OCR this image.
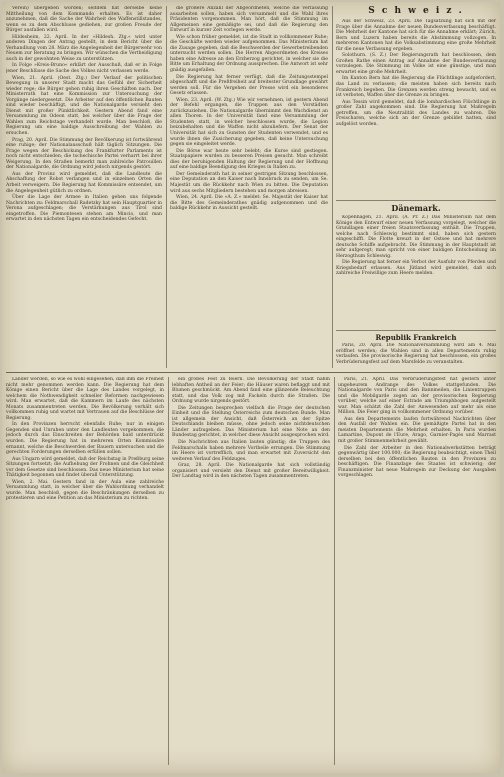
Verein) übergeben worden; seitdem hat derselbe keine Mittheilung von dem Kommando erhalten. Es ist daher anzunehmen, daß die Sache der Wahrheit des Waffenstillstandes, wenn es zu dem Abschlusse gediehen, zur großen Freude der Bürger ausfallen wird.

Hildesheim, 22. April. In der »Hildesh. Ztg.« wird unter anderen Dingen der Antrag gestellt, in dem Bericht über die Verhandlung vom 28. März die Angelegenheit der Bürgerwehr von Neuem zur Beratung zu bringen. Wir wünschen die Vertheidigung auch in der gewohnten Weise zu unterstützen.

In Folge »Kreis-Bruno« erklärt der Ausschuß, daß er in Folge jener Beschlüsse die Sache des Volkes nicht verlassen werde.

Wien, 21. April. (Oest. Ztg.) Der Verlauf der politischen Bewegung in unserer Stadt macht das Gefühl der Sicherheit wieder rege; die Bürger gehen ruhig ihren Geschäften nach. Der Ministerrath hat eine Kommission zur Untersuchung der Vorgänge niedergesetzt. Die Arbeiter auf den öffentlichen Bauten sind wieder beschäftigt, und die Nationalgarde versieht den Dienst mit großer Pünktlichkeit. Gestern Abend fand eine Versammlung im Odeon statt, bei welcher über die Frage der Wahlen zum Reichstage verhandelt wurde. Man beschloß, die Regierung um eine baldige Ausschreibung der Wahlen zu ersuchen.

Prag, 20. April. Die Stimmung der Bevölkerung ist fortwährend eine ruhige; der Nationalausschuß hält täglich Sitzungen. Die Frage wegen der Beschickung des Frankfurter Parlaments ist noch nicht entschieden; die tschechische Partei verharrt bei ihrer Weigerung. In den Straßen bemerkt man zahlreiche Patrouillen der Nationalgarde, die Ordnung wird jedoch nirgends gestört.

Aus der Provinz wird gemeldet, daß die Landleute die Abschaffung der Robot verlangen und in einzelnen Orten die Arbeit verweigern. Die Regierung hat Kommissäre entsendet, um die Angelegenheit gütlich zu ordnen.

Über die Lage der Armee in Italien gehen uns folgende Nachrichten zu: Feldmarschall Radetzky hat sein Hauptquartier in Verona aufgeschlagen; die Verstärkungen aus Tirol sind eingetroffen. Die Piemontesen stehen am Mincio, und man erwartet in den nächsten Tagen ein entscheidendes Gefecht.

die größere Anzahl der Abgeordneten, welche die Verfassung ausarbeiten sollen, haben sich versammelt und die Wahl ihres Präsidenten vorgenommen. Man hört, daß die Stimmung im Allgemeinen eine gemäßigte sei, und daß die Regierung den Entwurf in kurzer Zeit vorlegen werde.

Wie schon früher gemeldet, ist die Stadt in vollkommener Ruhe; die Geschäfte werden wieder aufgenommen. Das Ministerium hat die Zusage gegeben, daß die Beschwerden der Gewerbetreibenden untersucht werden sollen. Die Herren Abgeordneten des Kreises haben eine Adresse an den Erzherzog gerichtet, in welcher sie die Bitte um Erhaltung der Ordnung aussprechen. Die Antwort ist sehr gnädig ausgefallen.

Die Regierung hat ferner verfügt, daß die Zeitungsstempel abgeschafft und die Preßfreiheit auf breitester Grundlage gewährt werden soll. Für die Vergehen der Presse wird ein besonderes Gesetz erlassen.

Wien, 23. April. (W. Ztg.) Wie wir vernehmen, ist gestern Abend der Befehl ergangen, die Truppen aus den Vorstädten zurückzuziehen. Die Nationalgarde übernimmt den Wachdienst an allen Thoren. In der Universität fand eine Versammlung der Studenten statt, in welcher beschlossen wurde, die Legion beizubehalten und die Waffen nicht abzuliefern. Der Senat der Universität hat sich zu Gunsten der Studenten verwendet, und es wurde ihnen die Zusicherung gegeben, daß keine Untersuchung gegen sie eingeleitet werde.

Die Börse war heute sehr belebt; die Kurse sind gestiegen. Staatspapiere wurden zu besseren Preisen gesucht. Man schreibt dies der beruhigenden Haltung der Regierung und der Hoffnung auf eine baldige Beendigung des Krieges in Italien zu.

Der Gemeinderath hat in seiner gestrigen Sitzung beschlossen, eine Deputation an den Kaiser nach Innsbruck zu senden, um Se. Majestät um die Rückkehr nach Wien zu bitten. Die Deputation wird aus sechs Mitgliedern bestehen und morgen abreisen.

Wien, 24. April. Die »A. Z.« meldet: Se. Majestät der Kaiser hat die Bitte des Gemeinderathes gnädig aufgenommen und die baldige Rückkehr in Aussicht gestellt.

S c h w e i z .

Aus der Schweiz, 23. April. Die Tagsatzung hat sich mit der Frage über die Annahme der neuen Bundesverfassung beschäftigt. Die Mehrheit der Kantone hat sich für die Annahme erklärt; Zürich, Bern und Luzern haben bereits die Abstimmung vollzogen. In mehreren Kantonen hat die Volksabstimmung eine große Mehrheit für die neue Verfassung ergeben.

Solothurn. (S. Z.) Der Regierungsrath hat beschlossen, dem Großen Rathe einen Antrag auf Annahme der Bundesverfassung vorzulegen. Die Stimmung im Volke ist eine günstige, und man erwartet eine große Mehrheit.

Im Kanton Bern hat die Regierung die Flüchtlinge aufgefordert, das Land zu verlassen; die meisten haben sich bereits nach Frankreich begeben. Die Grenzen werden streng bewacht, und es ist verboten, Waffen über die Grenze zu bringen.

Aus Tessin wird gemeldet, daß die lombardischen Flüchtlinge in großer Zahl angekommen sind. Die Regierung hat Maßregeln getroffen, um die Neutralität des Landes zu wahren. Die Freischaren, welche sich an der Grenze gebildet hatten, sind aufgelöst worden.

Dänemark.

Kopenhagen, 21. April. (A. Pr. Z.) Das Ministerium hat dem Könige den Entwurf einer neuen Verfassung vorgelegt, welcher die Grundlagen einer freien Staatsverfassung enthält. Die Truppen, welche nach Schleswig bestimmt sind, haben sich gestern eingeschifft. Die Flotte kreuzt in der Ostsee und hat mehrere deutsche Schiffe aufgebracht. Die Stimmung in der Hauptstadt ist sehr aufgeregt; man spricht von einer baldigen Entscheidung im Herzogthum Schleswig.

Die Regierung hat ferner ein Verbot der Ausfuhr von Pferden und Kriegsbedarf erlassen. Aus Jütland wird gemeldet, daß sich zahlreiche Freiwillige zum Heere melden.

Republik Frankreich

Paris, 20. April. Die Nationalversammlung wird am 4. Mai eröffnet werden; die Wahlen sind in allen Departements ruhig verlaufen. Die provisorische Regierung hat beschlossen, ein großes Verbrüderungsfest auf dem Marsfelde zu veranstalten.

Länder werden, so wie es wohl eingesehen, daß ihm die Freiheit nicht mehr genommen werden kann. Die Regierung hat dem Könige einen Bericht über die Lage des Landes vorgelegt, in welchem die Nothwendigkeit schneller Reformen nachgewiesen wird. Man erwartet, daß die Kammern im Laufe des nächsten Monats zusammentreten werden. Die Bevölkerung verhält sich vollkommen ruhig und wartet mit Vertrauen auf die Beschlüsse der Regierung.

In den Provinzen herrscht ebenfalls Ruhe; nur in einigen Gegenden sind Unruhen unter den Landleuten vorgekommen, die jedoch durch das Einschreiten der Behörden bald unterdrückt wurden. Die Regierung hat in mehreren Orten Kommissäre ernannt, welche die Beschwerden der Bauern untersuchen und die gerechten Forderungen derselben erfüllen sollen.

Aus Ungarn wird gemeldet, daß der Reichstag in Preßburg seine Sitzungen fortsetzt; die Aufhebung der Frohnen und die Gleichheit vor dem Gesetze sind beschlossen. Das neue Ministerium hat seine Thätigkeit begonnen und findet überall Unterstützung.

Wien, 2. Mai. Gestern fand in der Aula eine zahlreiche Versammlung statt, in welcher über die Wahlordnung verhandelt wurde. Man beschloß, gegen die Beschränkungen derselben zu protestieren und eine Petition an das Ministerium zu richten.

ein großes Fest zu feiern. Die Bevölkerung der Stadt nahm lebhaften Antheil an der Feier; die Häuser waren beflaggt und mit Blumen geschmückt. Am Abend fand eine glänzende Beleuchtung statt, und das Volk zog mit Fackeln durch die Straßen. Die Ordnung wurde nirgends gestört.

Die Zeitungen besprechen vielfach die Frage der deutschen Einheit und die Stellung Österreichs zum deutschen Bunde. Man ist allgemein der Ansicht, daß Österreich an der Spitze Deutschlands bleiben müsse, ohne jedoch seine nichtdeutschen Länder aufzugeben. Das Ministerium hat eine Note an den Bundestag gerichtet, in welcher diese Ansicht ausgesprochen wird.

Die Nachrichten aus Italien lauten günstig; die Truppen des Feldmarschalls haben mehrere Vortheile errungen. Die Stimmung im Heere ist vortrefflich, und man erwartet mit Zuversicht den weiteren Verlauf des Feldzuges.

Graz, 28. April. Die Nationalgarde hat sich vollständig organisiert und versieht den Dienst mit großer Bereitwilligkeit. Der Landtag wird in den nächsten Tagen zusammentreten.

Paris, 21. April. Das Verbrüderungsfest hat gestern unter ungeheurem Andrange des Volkes stattgefunden. Die Nationalgarde von Paris und den Bannmeilen, die Linientruppen und die Mobilgarde zogen an der provisorischen Regierung vorüber, welche auf einer Estrade am Triumphbogen aufgestellt war. Man schätzt die Zahl der Anwesenden auf mehr als eine Million. Die Feier ging in vollkommener Ordnung vorüber.

Aus den Departements laufen fortwährend Nachrichten über den Ausfall der Wahlen ein. Die gemäßigte Partei hat in den meisten Departements die Mehrheit erhalten. In Paris wurden Lamartine, Dupont de l'Eure, Arago, Garnier-Pagès und Marrast mit großer Stimmenmehrheit gewählt.

Die Zahl der Arbeiter in den Nationalwerkstätten beträgt gegenwärtig über 100.000; die Regierung beabsichtigt, einen Theil derselben bei den öffentlichen Bauten in den Provinzen zu beschäftigen. Die Finanzlage des Staates ist schwierig; der Finanzminister hat neue Maßregeln zur Deckung der Ausgaben vorgeschlagen.
